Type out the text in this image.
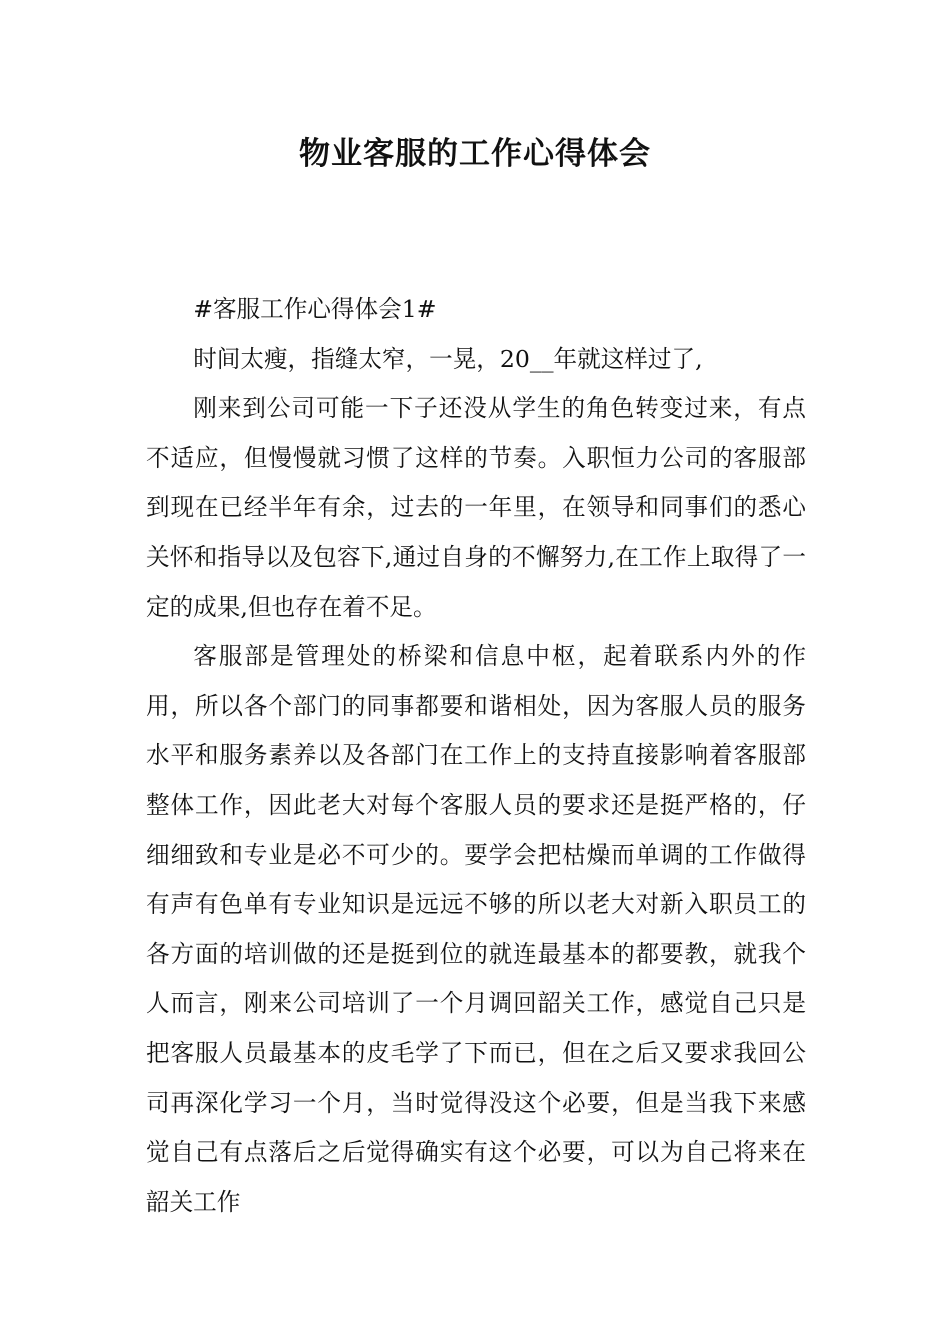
物业客服的工作心得体会

#客服工作心得体会1#

时间太瘦，指缝太窄，一晃，20__年就这样过了,

刚来到公司可能一下子还没从学生的角色转变过来，有点不适应，但慢慢就习惯了这样的节奏。入职恒力公司的客服部到现在已经半年有余，过去的一年里，在领导和同事们的悉心关怀和指导以及包容下,通过自身的不懈努力,在工作上取得了一定的成果,但也存在着不足。

客服部是管理处的桥梁和信息中枢，起着联系内外的作用，所以各个部门的同事都要和谐相处，因为客服人员的服务水平和服务素养以及各部门在工作上的支持直接影响着客服部整体工作，因此老大对每个客服人员的要求还是挺严格的，仔细细致和专业是必不可少的。要学会把枯燥而单调的工作做得有声有色单有专业知识是远远不够的所以老大对新入职员工的各方面的培训做的还是挺到位的就连最基本的都要教，就我个人而言，刚来公司培训了一个月调回韶关工作，感觉自己只是把客服人员最基本的皮毛学了下而已，但在之后又要求我回公司再深化学习一个月，当时觉得没这个必要，但是当我下来感觉自己有点落后之后觉得确实有这个必要，可以为自己将来在韶关工作
